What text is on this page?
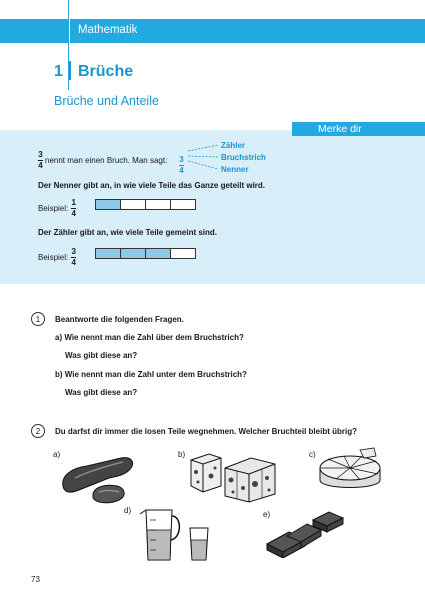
Mathematik
1 Brüche
Brüche und Anteile
Merke dir
$\frac{3}{4}$ nennt man einen Bruch. Man sagt: $\frac{3}{4}$
Zähler
Bruchstrich
Nenner
Der Nenner gibt an, in wie viele Teile das Ganze geteilt wird.
Beispiel: $\frac{1}{4}$
Der Zähler gibt an, wie viele Teile gemeint sind.
Beispiel: $\frac{3}{4}$
1	Beantworte die folgenden Fragen.
a) Wie nennt man die Zahl über dem Bruchstrich?
Was gibt diese an?
b) Wie nennt man die Zahl unter dem Bruchstrich?
Was gibt diese an?
2	Du darfst dir immer die losen Teile wegnehmen. Welcher Bruchteil bleibt übrig?
a)	b)	c)
d)	e)
73
